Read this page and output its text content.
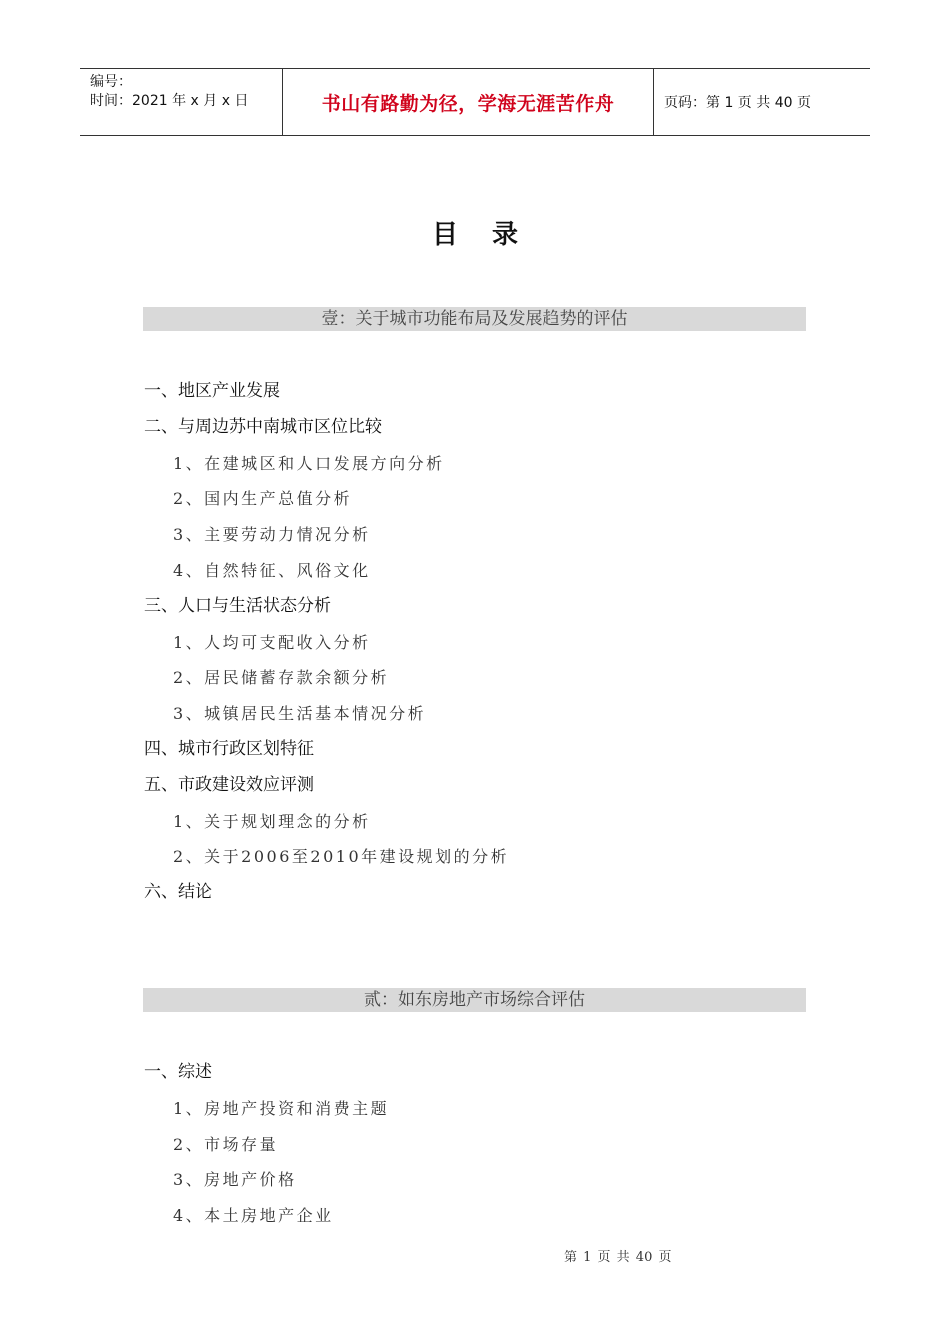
编号：
时间：2021 年 x 月 x 日	书山有路勤为径，学海无涯苦作舟	页码：第 1 页 共 40 页
目录
壹：关于城市功能布局及发展趋势的评估
一、地区产业发展
二、与周边苏中南城市区位比较
1、在建城区和人口发展方向分析
2、国内生产总值分析
3、主要劳动力情况分析
4、自然特征、风俗文化
三、人口与生活状态分析
1、人均可支配收入分析
2、居民储蓄存款余额分析
3、城镇居民生活基本情况分析
四、城市行政区划特征
五、市政建设效应评测
1、关于规划理念的分析
2、关于2006至2010年建设规划的分析
六、结论
贰：如东房地产市场综合评估
一、综述
1、房地产投资和消费主题
2、市场存量
3、房地产价格
4、本土房地产企业
第 1 页 共 40 页
